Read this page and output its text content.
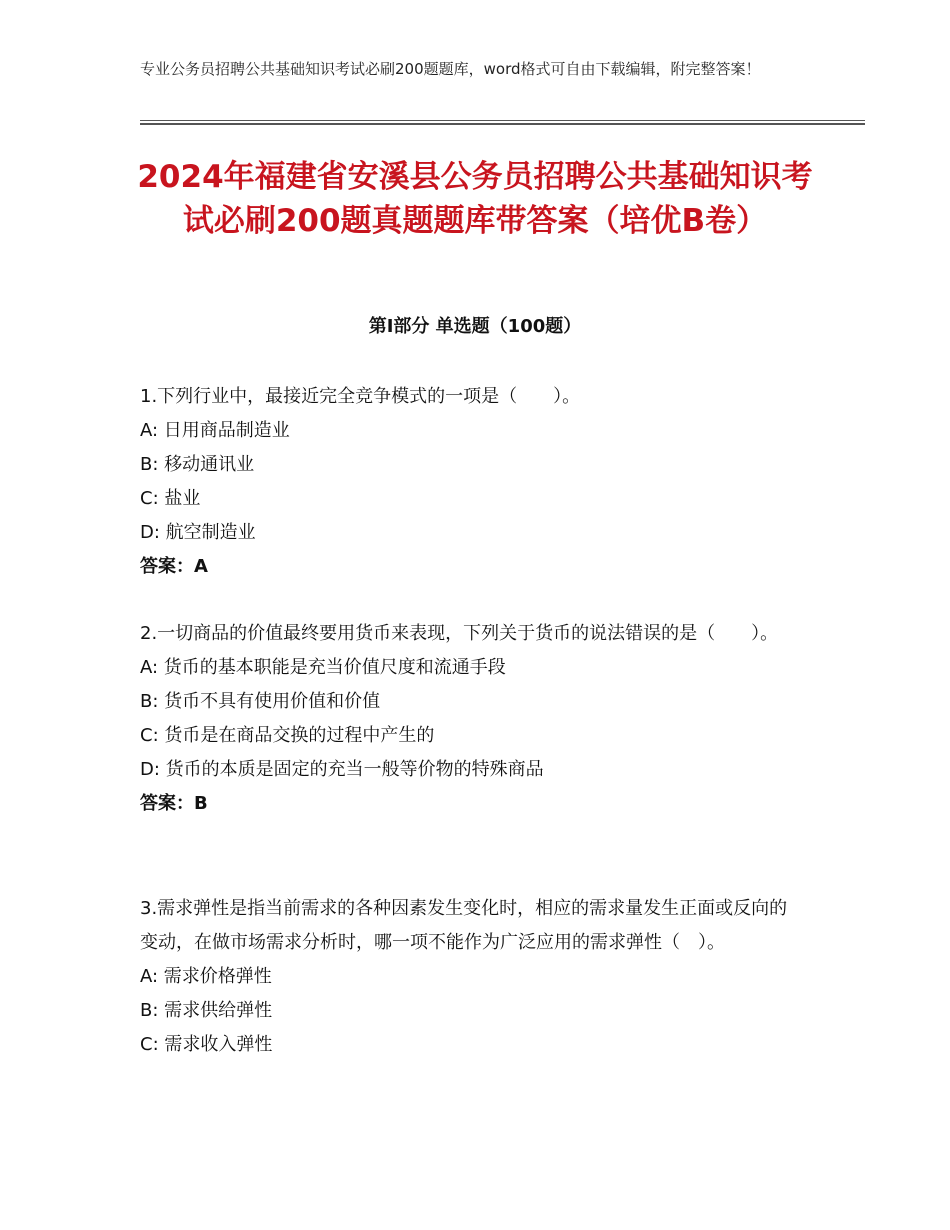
专业公务员招聘公共基础知识考试必刷200题题库，word格式可自由下载编辑，附完整答案！
2024年福建省安溪县公务员招聘公共基础知识考试必刷200题真题题库带答案（培优B卷）
第I部分 单选题（100题）
1.下列行业中，最接近完全竞争模式的一项是（　　）。
A: 日用商品制造业
B: 移动通讯业
C: 盐业
D: 航空制造业
答案：A
2.一切商品的价值最终要用货币来表现，下列关于货币的说法错误的是（　　）。
A: 货币的基本职能是充当价值尺度和流通手段
B: 货币不具有使用价值和价值
C: 货币是在商品交换的过程中产生的
D: 货币的本质是固定的充当一般等价物的特殊商品
答案：B
3.需求弹性是指当前需求的各种因素发生变化时，相应的需求量发生正面或反向的变动，在做市场需求分析时，哪一项不能作为广泛应用的需求弹性（　）。
A: 需求价格弹性
B: 需求供给弹性
C: 需求收入弹性
